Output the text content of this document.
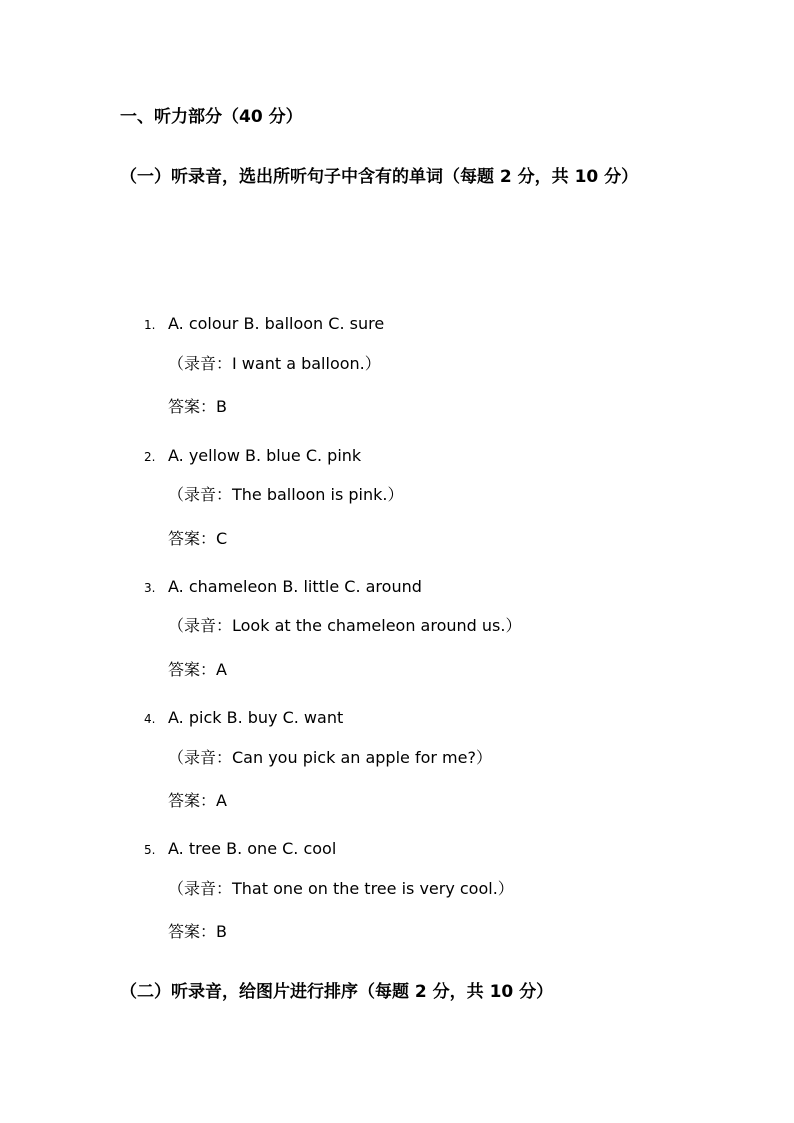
一、听力部分（40 分）
（一）听录音，选出所听句子中含有的单词（每题 2 分，共 10 分）
1. A. colour B. balloon C. sure
（录音：I want a balloon.）
答案：B
2. A. yellow B. blue C. pink
（录音：The balloon is pink.）
答案：C
3. A. chameleon B. little C. around
（录音：Look at the chameleon around us.）
答案：A
4. A. pick B. buy C. want
（录音：Can you pick an apple for me?）
答案：A
5. A. tree B. one C. cool
（录音：That one on the tree is very cool.）
答案：B
（二）听录音，给图片进行排序（每题 2 分，共 10 分）
